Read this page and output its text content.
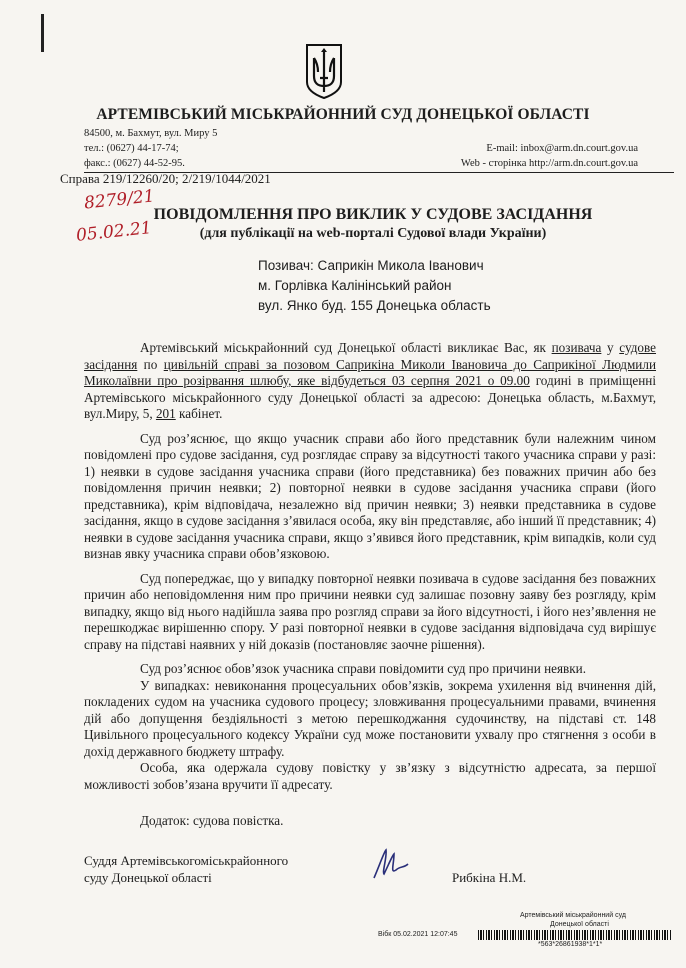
АРТЕМІВСЬКИЙ МІСЬКРАЙОННИЙ СУД ДОНЕЦЬКОЇ ОБЛАСТІ
84500, м. Бахмут, вул. Миру 5
тел.: (0627) 44-17-74;
факс.: (0627) 44-52-95.
E-mail: inbox@arm.dn.court.gov.ua
Web - сторінка http://arm.dn.court.gov.ua
Справа 219/12260/20; 2/219/1044/2021
8279/21
05.02.21
ПОВІДОМЛЕННЯ ПРО ВИКЛИК У СУДОВЕ ЗАСІДАННЯ
(для публікації на web-порталі Судової влади України)
Позивач: Саприкін Микола Іванович
м. Горлівка Калінінський район
вул. Янко буд. 155 Донецька область

Артемівський міськрайонний суд Донецької області викликає Вас, як позивача у судове засідання по цивільній справі за позовом Саприкіна Миколи Івановича до Саприкіної Людмили Миколаївни про розірвання шлюбу, яке відбудеться 03 серпня 2021 о 09.00 годині в приміщенні Артемівського міськрайонного суду Донецької області за адресою: Донецька область, м.Бахмут, вул.Миру, 5, 201 кабінет.

Суд роз’яснює, що якщо учасник справи або його представник були належним чином повідомлені про судове засідання, суд розглядає справу за відсутності такого учасника справи у разі: 1) неявки в судове засідання учасника справи (його представника) без поважних причин або без повідомлення причин неявки; 2) повторної неявки в судове засідання учасника справи (його представника), крім відповідача, незалежно від причин неявки; 3) неявки представника в судове засідання, якщо в судове засідання з’явилася особа, яку він представляє, або інший її представник; 4) неявки в судове засідання учасника справи, якщо з’явився його представник, крім випадків, коли суд визнав явку учасника справи обов’язковою.

Суд попереджає, що у випадку повторної неявки позивача в судове засідання без поважних причин або неповідомлення ним про причини неявки суд залишає позовну заяву без розгляду, крім випадку, якщо від нього надійшла заява про розгляд справи за його відсутності, і його нез’явлення не перешкоджає вирішенню спору. У разі повторної неявки в судове засідання відповідача суд вирішує справу на підставі наявних у ній доказів (постановляє заочне рішення).

Суд роз’яснює обов’язок учасника справи повідомити суд про причини неявки.

У випадках: невиконання процесуальних обов’язків, зокрема ухилення від вчинення дій, покладених судом на учасника судового процесу; зловживання процесуальними правами, вчинення дій або допущення бездіяльності з метою перешкоджання судочинству, на підставі ст. 148 Цивільного процесуального кодексу України суд може постановити ухвалу про стягнення з особи в дохід державного бюджету штрафу.

Особа, яка одержала судову повістку у зв’язку з відсутністю адресата, за першої можливості зобов’язана вручити її адресату.

Додаток: судова повістка.

Суддя Артемівськогоміськрайонного
суду Донецької області	Рибкіна Н.М.
Артемівський міськрайонний суд
Донецької області
Вібк 05.02.2021 12:07:45
*563*26861938*1*1*
